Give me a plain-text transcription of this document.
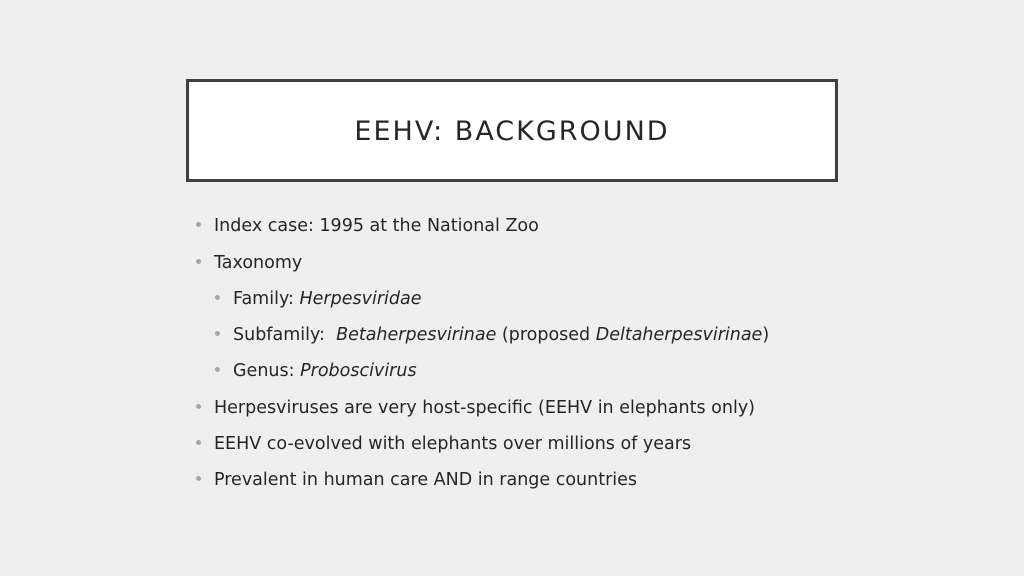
EEHV: BACKGROUND
Index case: 1995 at the National Zoo
Taxonomy
Family: Herpesviridae
Subfamily:  Betaherpesvirinae (proposed Deltaherpesvirinae)
Genus: Proboscivirus
Herpesviruses are very host-specific (EEHV in elephants only)
EEHV co-evolved with elephants over millions of years
Prevalent in human care AND in range countries
